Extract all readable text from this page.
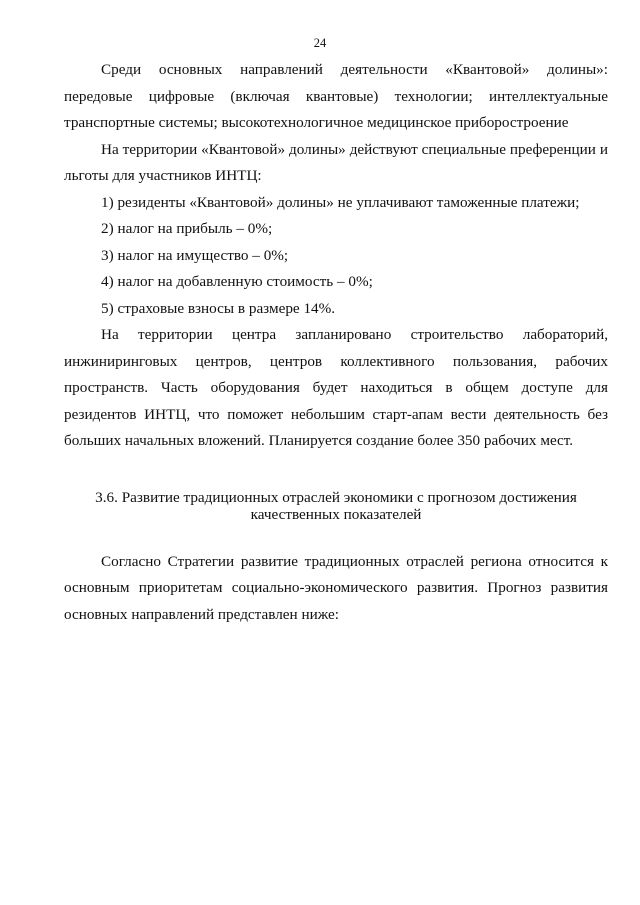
24

Среди основных направлений деятельности «Квантовой» долины»: передовые цифровые (включая квантовые) технологии; интеллектуальные транспортные системы; высокотехнологичное медицинское приборостроение

На территории «Квантовой» долины» действуют специальные преференции и льготы для участников ИНТЦ:

1) резиденты «Квантовой» долины» не уплачивают таможенные платежи;

2) налог на прибыль – 0%;

3) налог на имущество – 0%;

4) налог на добавленную стоимость – 0%;

5) страховые взносы в размере 14%.

На территории центра запланировано строительство лабораторий, инжиниринговых центров, центров коллективного пользования, рабочих пространств. Часть оборудования будет находиться в общем доступе для резидентов ИНТЦ, что поможет небольшим старт-апам вести деятельность без больших начальных вложений. Планируется создание более 350 рабочих мест.

3.6. Развитие традиционных отраслей экономики с прогнозом достижения качественных показателей

Согласно Стратегии развитие традиционных отраслей региона относится к основным приоритетам социально-экономического развития. Прогноз развития основных направлений представлен ниже:
